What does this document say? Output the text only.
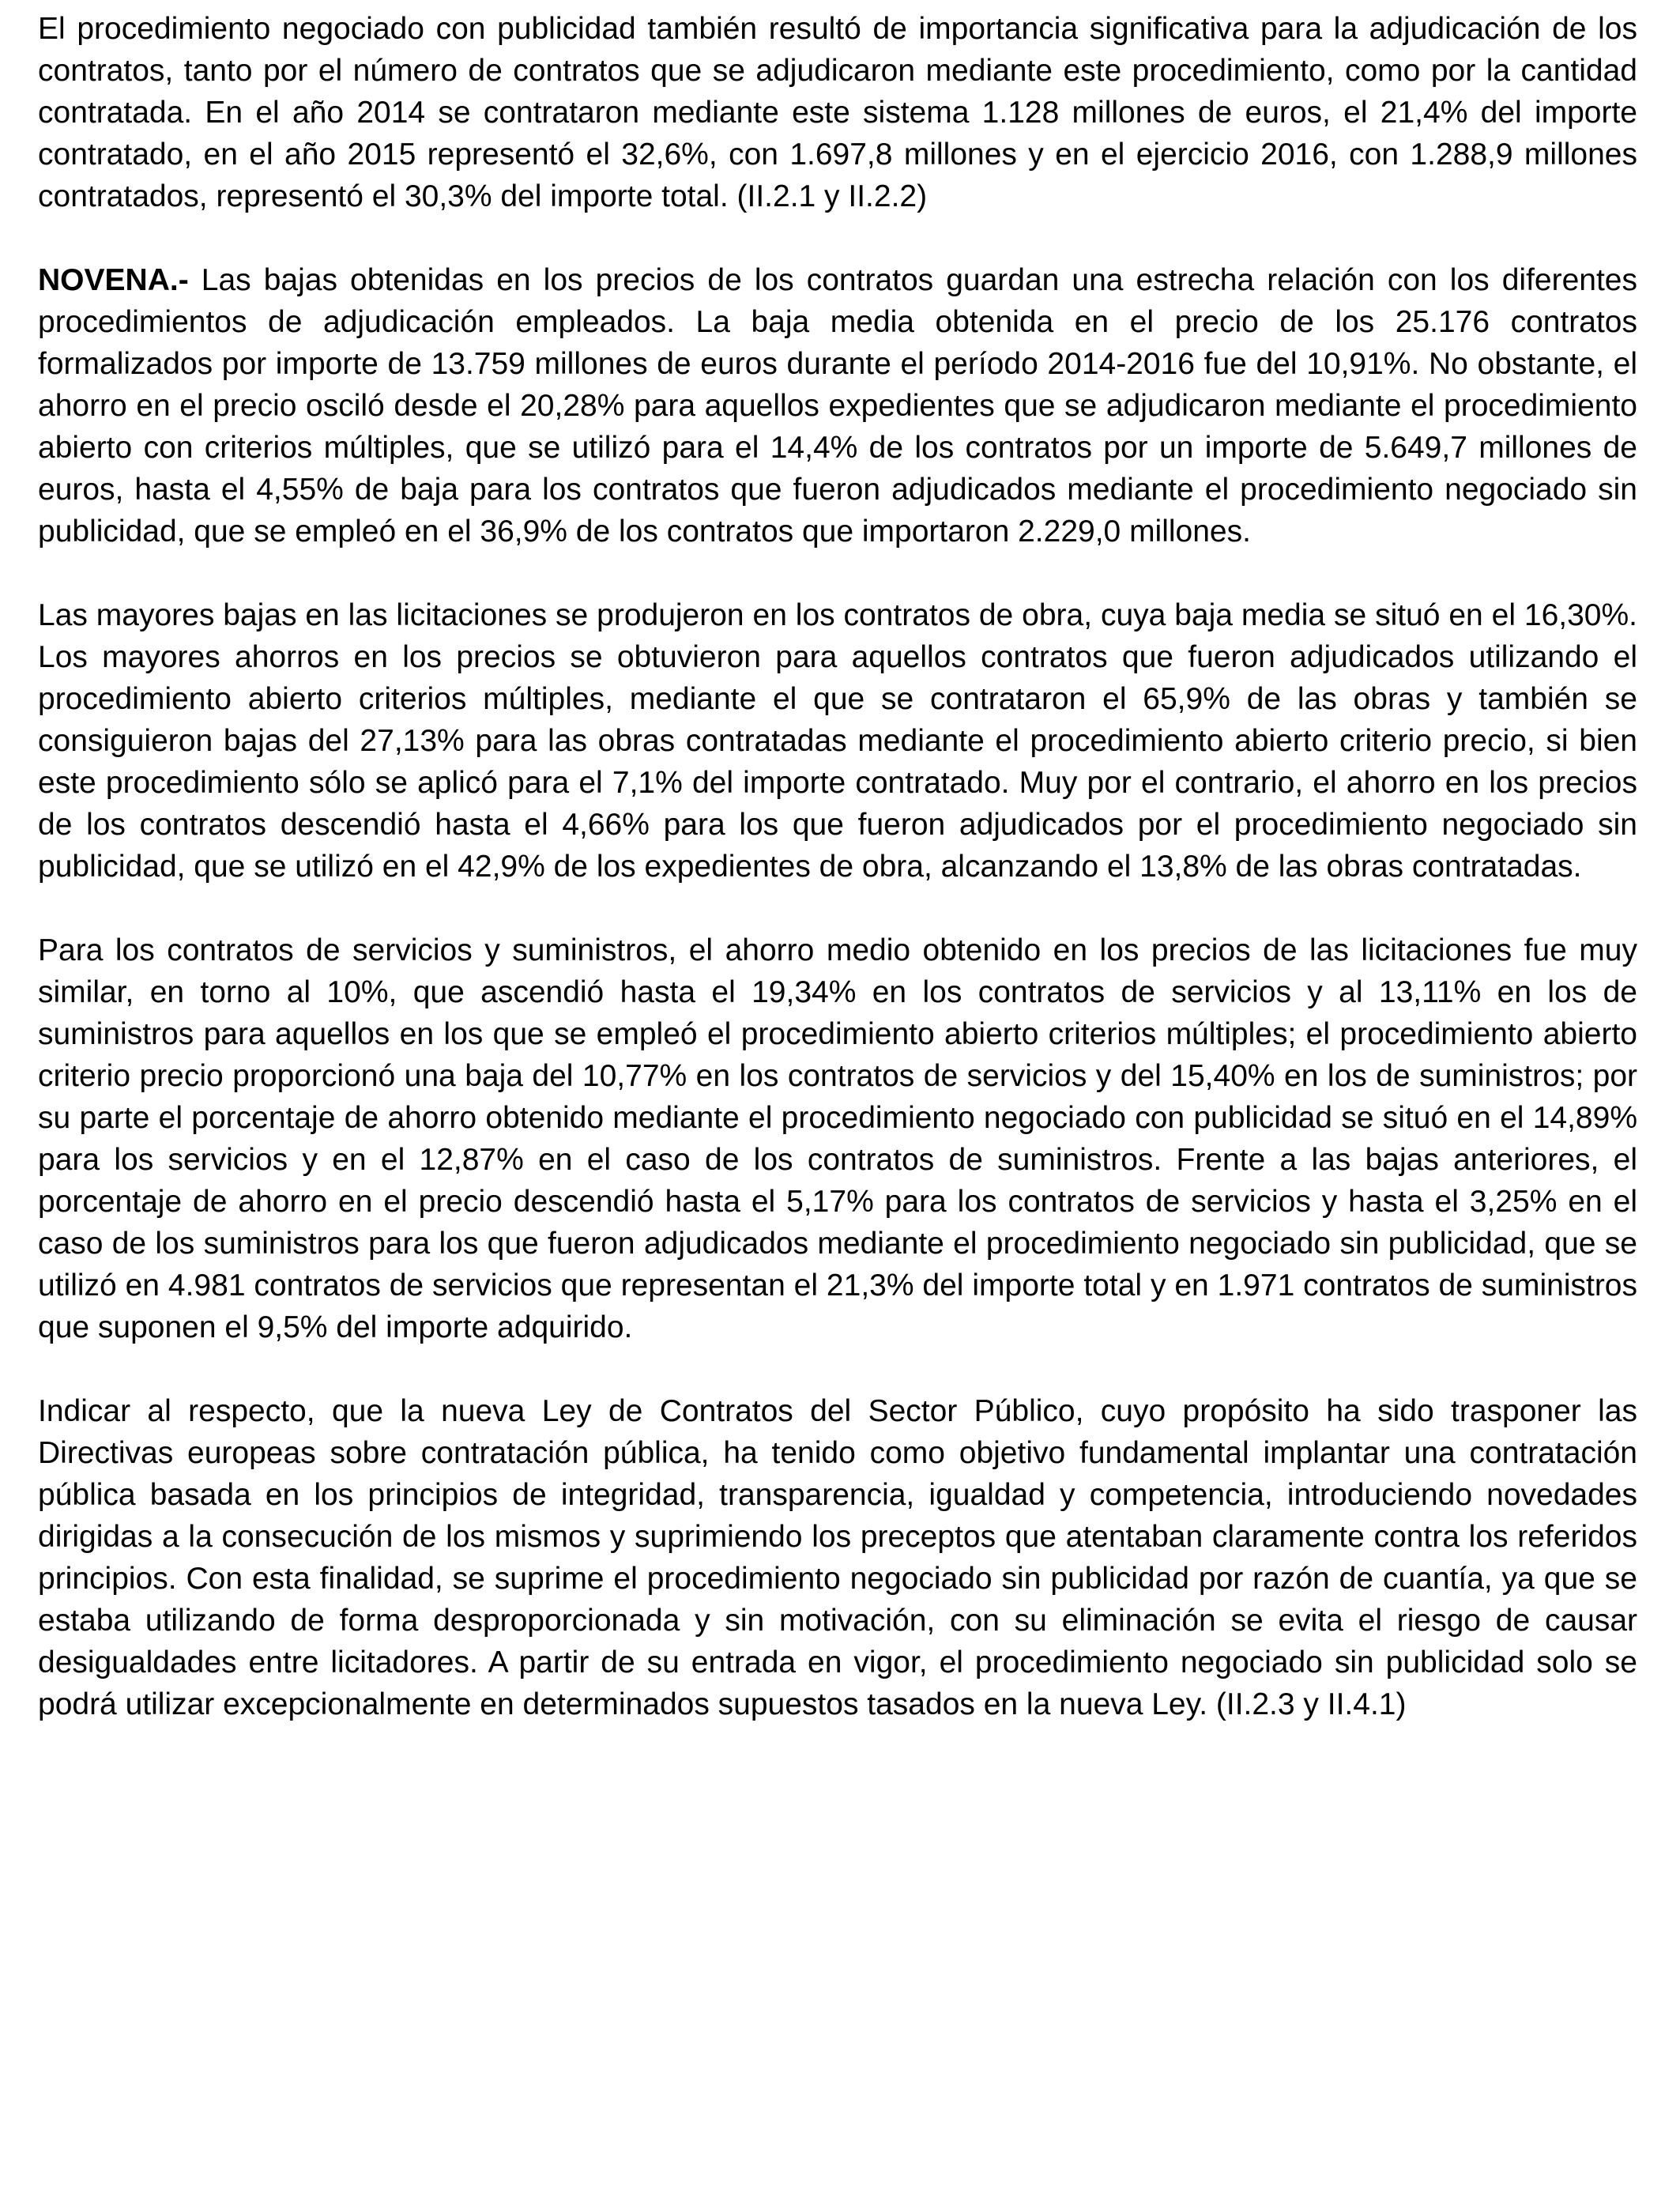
El procedimiento negociado con publicidad también resultó de importancia significativa para la adjudicación de los contratos, tanto por el número de contratos que se adjudicaron mediante este procedimiento, como por la cantidad contratada. En el año 2014 se contrataron mediante este sistema 1.128 millones de euros, el 21,4% del importe contratado, en el año 2015 representó el 32,6%, con 1.697,8 millones y en el ejercicio 2016, con 1.288,9 millones contratados, representó el 30,3% del importe total. (II.2.1 y II.2.2)

NOVENA.- Las bajas obtenidas en los precios de los contratos guardan una estrecha relación con los diferentes procedimientos de adjudicación empleados. La baja media obtenida en el precio de los 25.176 contratos formalizados por importe de 13.759 millones de euros durante el período 2014-2016 fue del 10,91%. No obstante, el ahorro en el precio osciló desde el 20,28% para aquellos expedientes que se adjudicaron mediante el procedimiento abierto con criterios múltiples, que se utilizó para el 14,4% de los contratos por un importe de 5.649,7 millones de euros, hasta el 4,55% de baja para los contratos que fueron adjudicados mediante el procedimiento negociado sin publicidad, que se empleó en el 36,9% de los contratos que importaron 2.229,0 millones.

Las mayores bajas en las licitaciones se produjeron en los contratos de obra, cuya baja media se situó en el 16,30%. Los mayores ahorros en los precios se obtuvieron para aquellos contratos que fueron adjudicados utilizando el procedimiento abierto criterios múltiples, mediante el que se contrataron el 65,9% de las obras y también se consiguieron bajas del 27,13% para las obras contratadas mediante el procedimiento abierto criterio precio, si bien este procedimiento sólo se aplicó para el 7,1% del importe contratado. Muy por el contrario, el ahorro en los precios de los contratos descendió hasta el 4,66% para los que fueron adjudicados por el procedimiento negociado sin publicidad, que se utilizó en el 42,9% de los expedientes de obra, alcanzando el 13,8% de las obras contratadas.

Para los contratos de servicios y suministros, el ahorro medio obtenido en los precios de las licitaciones fue muy similar, en torno al 10%, que ascendió hasta el 19,34% en los contratos de servicios y al 13,11% en los de suministros para aquellos en los que se empleó el procedimiento abierto criterios múltiples; el procedimiento abierto criterio precio proporcionó una baja del 10,77% en los contratos de servicios y del 15,40% en los de suministros; por su parte el porcentaje de ahorro obtenido mediante el procedimiento negociado con publicidad se situó en el 14,89% para los servicios y en el 12,87% en el caso de los contratos de suministros. Frente a las bajas anteriores, el porcentaje de ahorro en el precio descendió hasta el 5,17% para los contratos de servicios y hasta el 3,25% en el caso de los suministros para los que fueron adjudicados mediante el procedimiento negociado sin publicidad, que se utilizó en 4.981 contratos de servicios que representan el 21,3% del importe total y en 1.971 contratos de suministros que suponen el 9,5% del importe adquirido.

Indicar al respecto, que la nueva Ley de Contratos del Sector Público, cuyo propósito ha sido trasponer las Directivas europeas sobre contratación pública, ha tenido como objetivo fundamental implantar una contratación pública basada en los principios de integridad, transparencia, igualdad y competencia, introduciendo novedades dirigidas a la consecución de los mismos y suprimiendo los preceptos que atentaban claramente contra los referidos principios. Con esta finalidad, se suprime el procedimiento negociado sin publicidad por razón de cuantía, ya que se estaba utilizando de forma desproporcionada y sin motivación, con su eliminación se evita el riesgo de causar desigualdades entre licitadores. A partir de su entrada en vigor, el procedimiento negociado sin publicidad solo se podrá utilizar excepcionalmente en determinados supuestos tasados en la nueva Ley. (II.2.3 y II.4.1)
